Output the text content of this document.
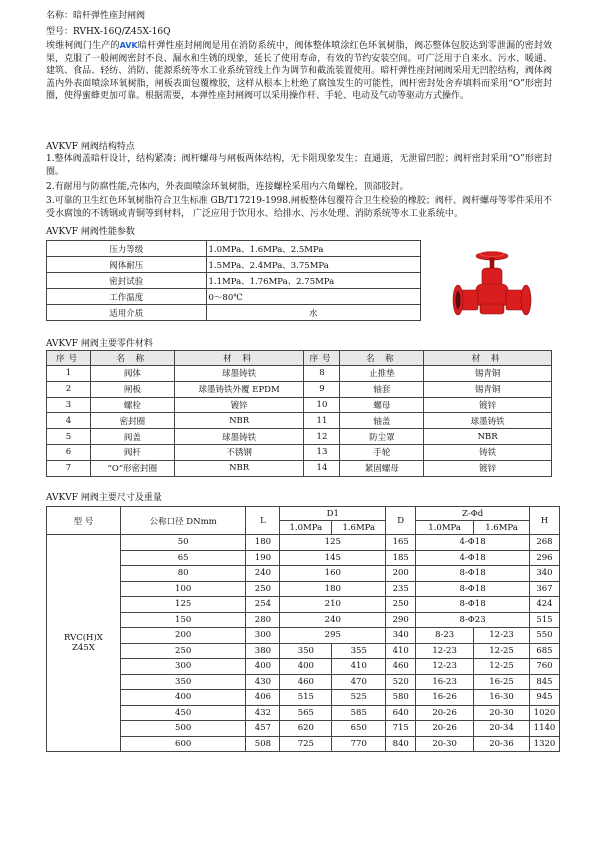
名称：暗杆弹性座封闸阀
型号：RVHX-16Q/Z45X-16Q
埃维柯阀门生产的AVK暗杆弹性座封闸阀是用在消防系统中，阀体整体喷涂红色环氧树脂，阀芯整体包胶达到零泄漏的密封效果，克服了一般闸阀密封不良、漏水和生锈的现象，延长了使用寿命，有效的节约安装空间。可广泛用于自来水、污水、暖通、建筑、食品、轻纺、消防、能源系统等水工业系统管线上作为调节和截流装置使用。暗杆弹性座封闸阀采用无凹腔结构，阀体阀盖内外表面喷涂环氧树脂，闸板表面包覆橡胶，这样从根本上杜绝了腐蚀发生的可能性，阀杆密封处舍弃填料而采用“O”形密封圈，使得蜜蜂更加可靠。根据需要，本弹性座封闸阀可以采用操作杆、手轮、电动及气动等驱动方式操作。
AVKVF 闸阀结构特点
1.整体阀盖暗杆设计，结构紧凑；阀杆螺母与闸板两体结构，无卡阻现象发生；直通道，无泄留凹腔；阀杆密封采用“O”形密封圈。
2.有耐用与防腐性能,壳体内，外表面喷涂环氧树脂，连接螺栓采用内六角螺栓，顶部胶封。
3.可靠的卫生红色环氧树脂符合卫生标准 GB/T17219-1998.闸板整体包覆符合卫生检验的橡胶；阀杆、阀杆螺母等零件采用不受水腐蚀的不锈钢或青铜等到材料， 广泛应用于饮用水、给排水、污水处理、消防系统等水工业系统中。
AVKVF 闸阀性能参数
压力等级	1.0MPa、1.6MPa、2.5MPa
阀体耐压	1.5MPa、2.4MPa、3.75MPa
密封试验	1.1MPa、1.76MPa、2.75MPa
工作温度	0～80℃
适用介质	水
AVKVF 闸阀主要零件材料
序号	名 称	材 料	序号	名 称	材 料
1	阀体	球墨铸铁	8	止推垫	锡青铜
2	闸板	球墨铸铁外覆 EPDM	9	轴套	锡青铜
3	螺栓	镀锌	10	螺母	镀锌
4	密封圈	NBR	11	轴盖	球墨铸铁
5	阀盖	球墨铸铁	12	防尘罩	NBR
6	阀杆	不锈钢	13	手轮	铸铁
7	“O”形密封圈	NBR	14	紧固螺母	镀锌
AVKVF 闸阀主要尺寸及重量
型 号	公称口径 DNmm	L	D1		D	Z-Φd		H
			1.0MPa	1.6MPa		1.0MPa	1.6MPa	
RVC(H)X
Z45X	50	180	125		165	4-Φ18		268
	65	190	145		185	4-Φ18		296
	80	240	160		200	8-Φ18		340
	100	250	180		235	8-Φ18		367
	125	254	210		250	8-Φ18		424
	150	280	240		290	8-Φ23		515
	200	300	295		340	8-23	12-23	550
	250	380	350	355	410	12-23	12-25	685
	300	400	400	410	460	12-23	12-25	760
	350	430	460	470	520	16-23	16-25	845
	400	406	515	525	580	16-26	16-30	945
	450	432	565	585	640	20-26	20-30	1020
	500	457	620	650	715	20-26	20-34	1140
	600	508	725	770	840	20-30	20-36	1320
